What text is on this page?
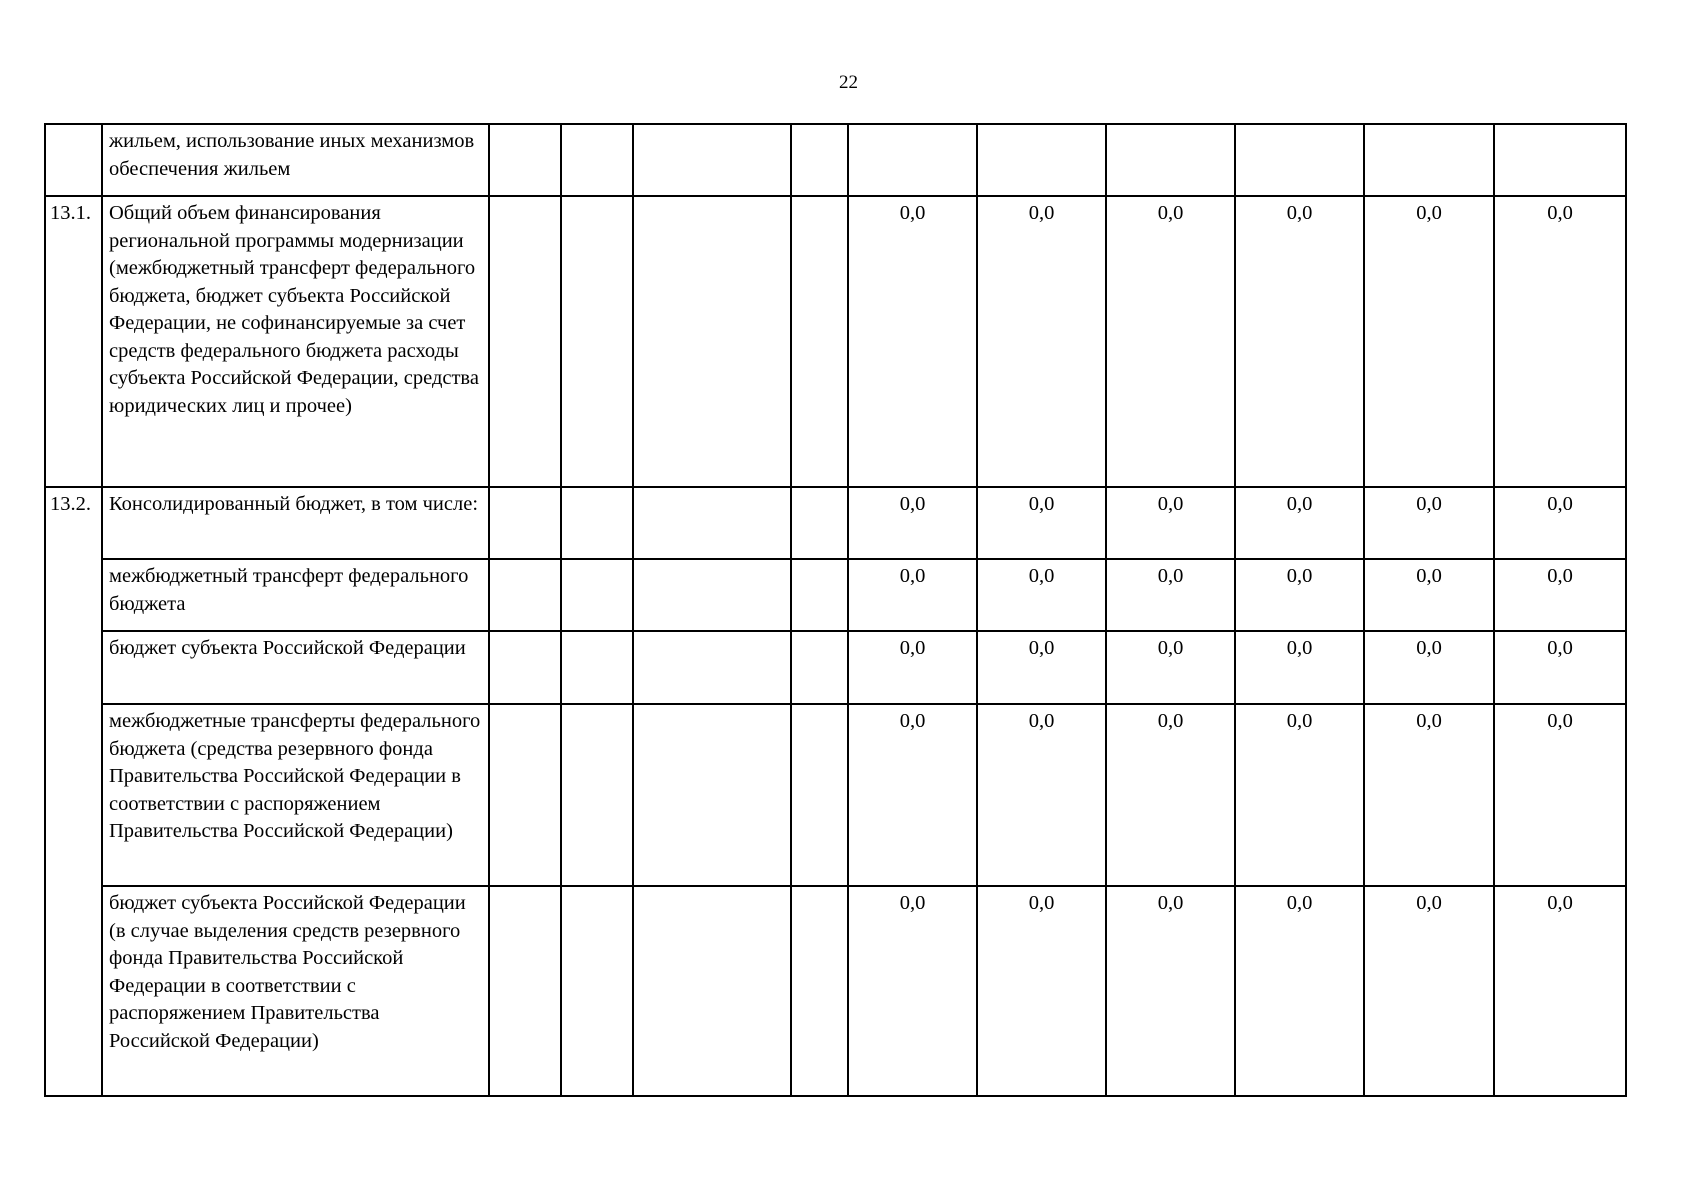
22
	жильем, использование иных механизмов обеспечения жильем										
13.1.	Общий объем финансирования региональной программы модернизации (межбюджетный трансферт федерального бюджета, бюджет субъекта Российской Федерации, не софинансируемые за счет средств федерального бюджета расходы субъекта Российской Федерации, средства юридических лиц и прочее)					0,0	0,0	0,0	0,0	0,0	0,0
13.2.	Консолидированный бюджет, в том числе:					0,0	0,0	0,0	0,0	0,0	0,0
	межбюджетный трансферт федерального бюджета					0,0	0,0	0,0	0,0	0,0	0,0
	бюджет субъекта Российской Федерации					0,0	0,0	0,0	0,0	0,0	0,0
	межбюджетные трансферты федерального бюджета (средства резервного фонда Правительства Российской Федерации в соответствии с распоряжением Правительства Российской Федерации)					0,0	0,0	0,0	0,0	0,0	0,0
	бюджет субъекта Российской Федерации (в случае выделения средств резервного фонда Правительства Российской Федерации в соответствии с распоряжением Правительства Российской Федерации)					0,0	0,0	0,0	0,0	0,0	0,0
